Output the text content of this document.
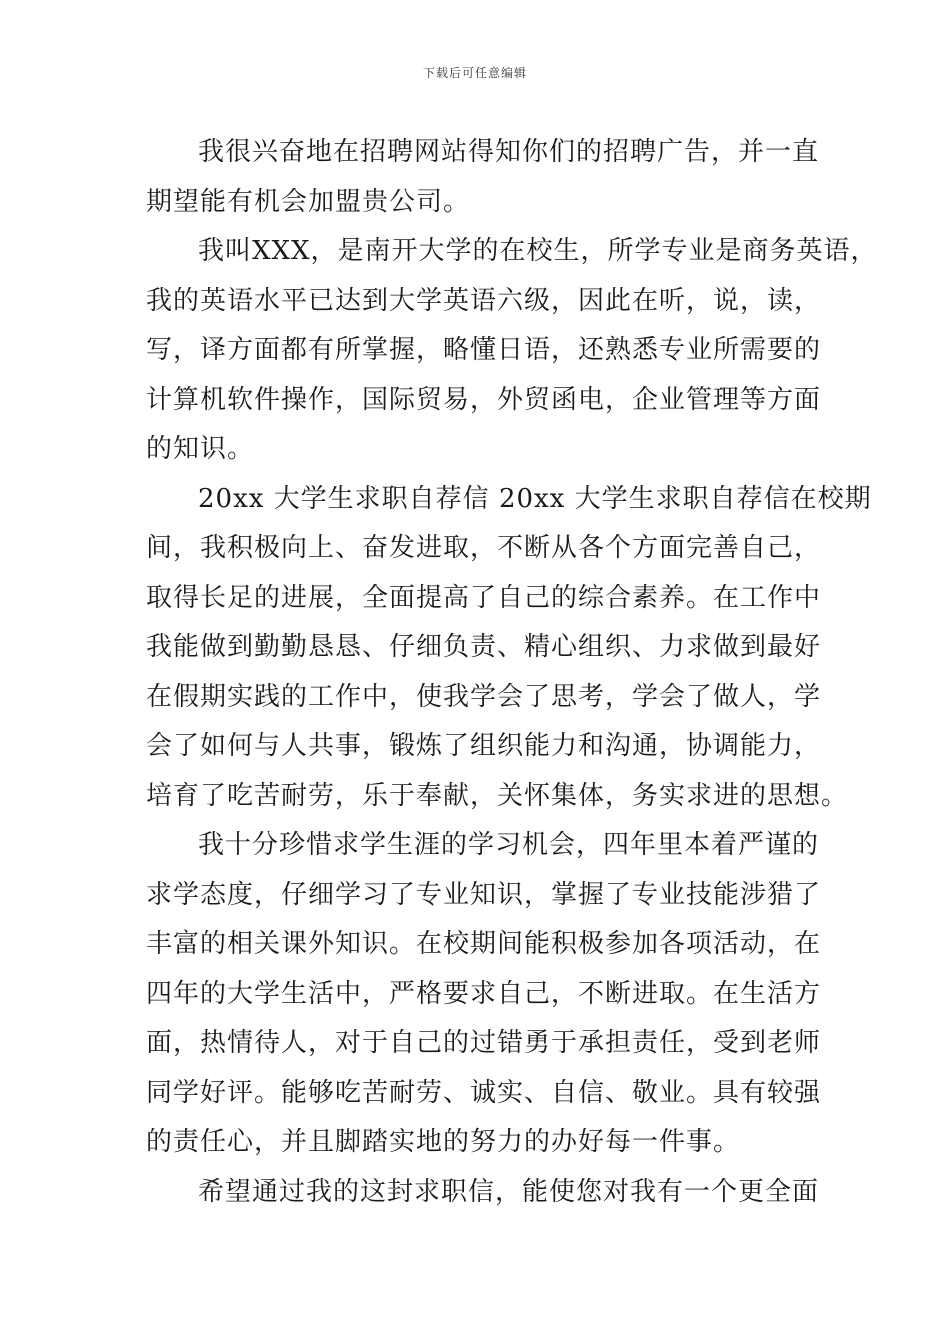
下载后可任意编辑
我很兴奋地在招聘网站得知你们的招聘广告，并一直
期望能有机会加盟贵公司。
我叫XXX，是南开大学的在校生，所学专业是商务英语，
我的英语水平已达到大学英语六级，因此在听，说，读，
写，译方面都有所掌握，略懂日语，还熟悉专业所需要的
计算机软件操作，国际贸易，外贸函电，企业管理等方面
的知识。
20xx 大学生求职自荐信 20xx 大学生求职自荐信在校期
间，我积极向上、奋发进取，不断从各个方面完善自己，
取得长足的进展，全面提高了自己的综合素养。在工作中
我能做到勤勤恳恳、仔细负责、精心组织、力求做到最好
在假期实践的工作中，使我学会了思考，学会了做人，学
会了如何与人共事，锻炼了组织能力和沟通，协调能力，
培育了吃苦耐劳，乐于奉献，关怀集体，务实求进的思想。
我十分珍惜求学生涯的学习机会，四年里本着严谨的
求学态度，仔细学习了专业知识，掌握了专业技能涉猎了
丰富的相关课外知识。在校期间能积极参加各项活动，在
四年的大学生活中，严格要求自己，不断进取。在生活方
面，热情待人，对于自己的过错勇于承担责任，受到老师
同学好评。能够吃苦耐劳、诚实、自信、敬业。具有较强
的责任心，并且脚踏实地的努力的办好每一件事。
希望通过我的这封求职信，能使您对我有一个更全面
